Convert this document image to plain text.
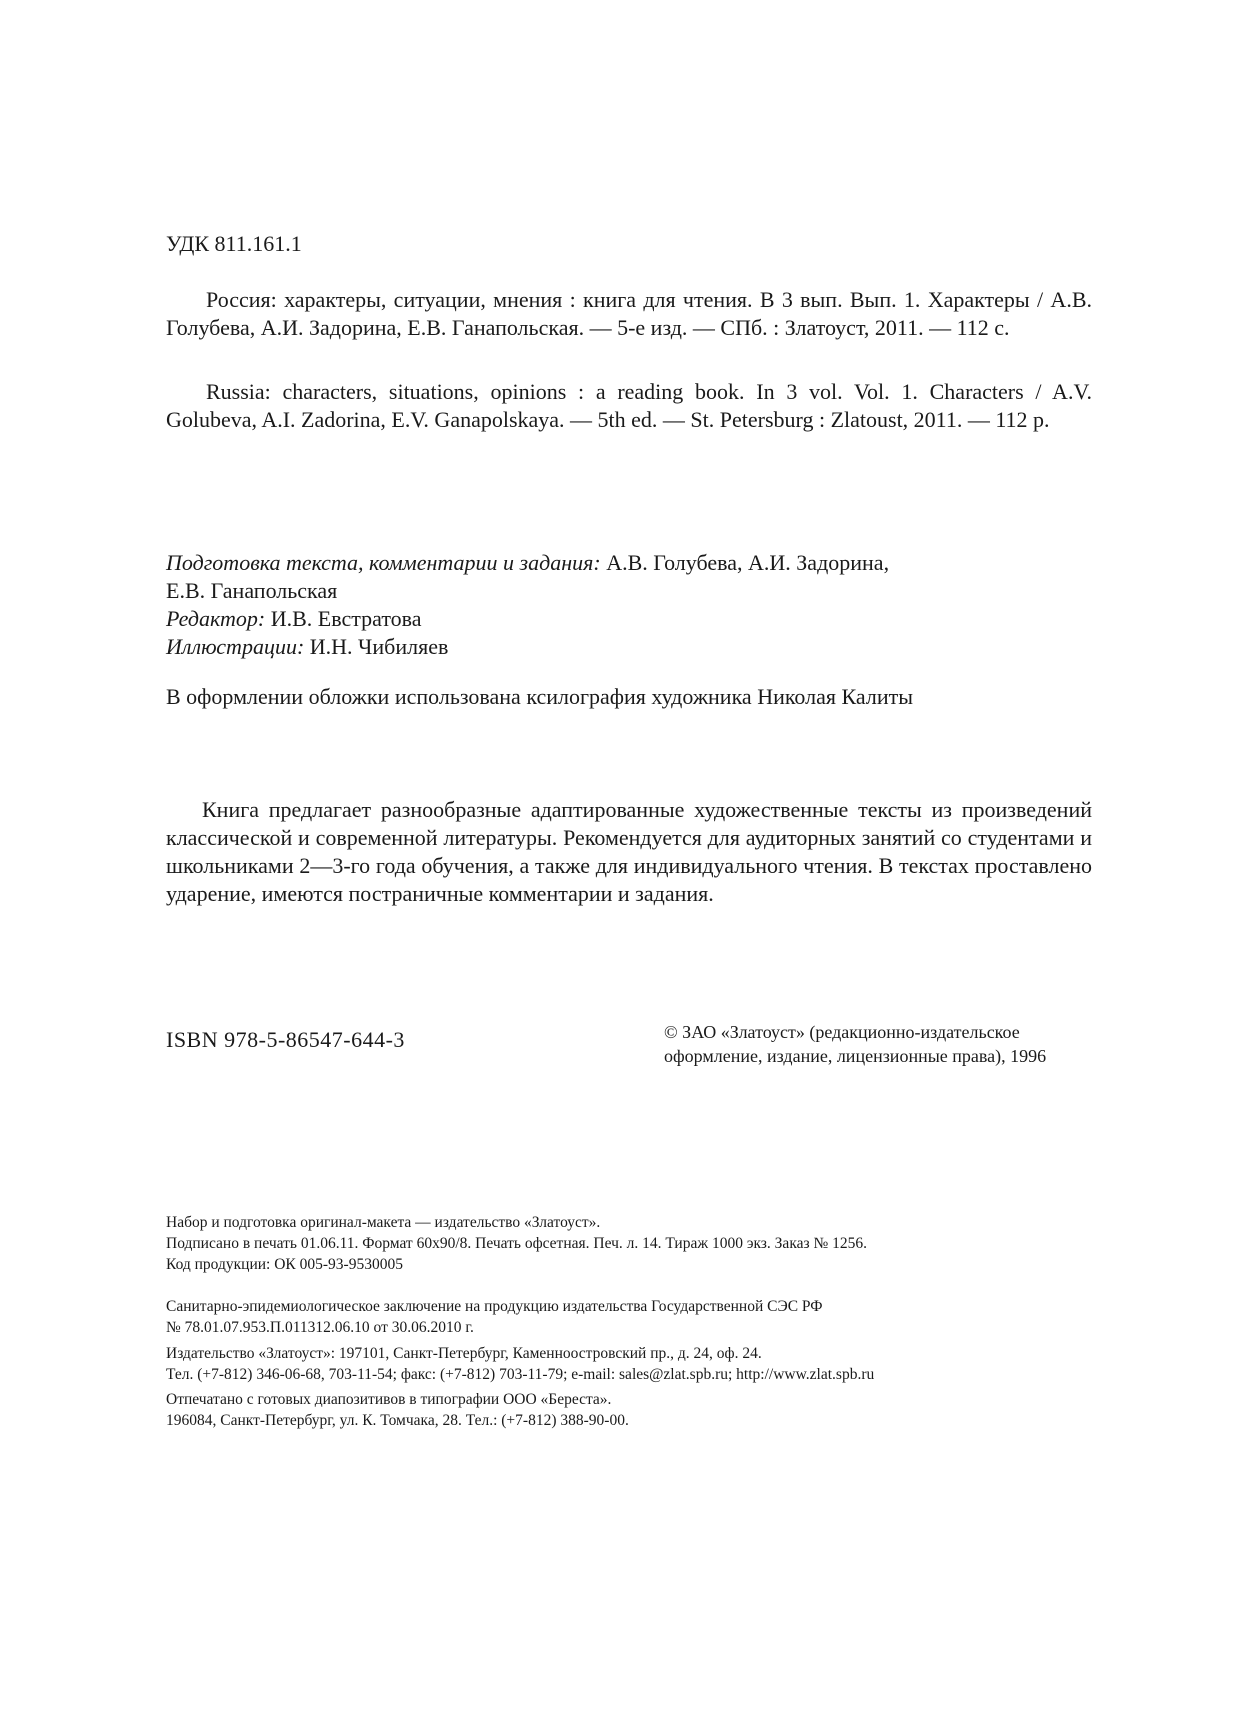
УДК 811.161.1

Россия: характеры, ситуации, мнения : книга для чтения. В 3 вып. Вып. 1. Характеры / А.В. Голубева, А.И. Задорина, Е.В. Ганапольская. — 5-е изд. — СПб. : Златоуст, 2011. — 112 с.

Russia: characters, situations, opinions : a reading book. In 3 vol. Vol. 1. Characters / A.V. Golubeva, A.I. Zadorina, E.V. Ganapolskaya. — 5th ed. — St. Petersburg : Zlatoust, 2011. — 112 p.

Подготовка текста, комментарии и задания: А.В. Голубева, А.И. Задорина,
Е.В. Ганапольская
Редактор: И.В. Евстратова
Иллюстрации: И.Н. Чибиляев

В оформлении обложки использована ксилография художника Николая Калиты

Книга предлагает разнообразные адаптированные художественные тексты из произведений классической и современной литературы. Рекомендуется для аудиторных занятий со студентами и школьниками 2—3-го года обучения, а также для индивидуального чтения. В текстах проставлено ударение, имеются постраничные комментарии и задания.

ISBN 978-5-86547-644-3	© ЗАО «Златоуст» (редакционно-издательское
оформление, издание, лицензионные права), 1996
Набор и подготовка оригинал-макета — издательство «Златоуст».
Подписано в печать 01.06.11. Формат 60х90/8. Печать офсетная. Печ. л. 14. Тираж 1000 экз. Заказ № 1256.
Код продукции: ОК 005-93-9530005
Санитарно-эпидемиологическое заключение на продукцию издательства Государственной СЭС РФ
№ 78.01.07.953.П.011312.06.10 от 30.06.2010 г.
Издательство «Златоуст»: 197101, Санкт-Петербург, Каменноостровский пр., д. 24, оф. 24.
Тел. (+7-812) 346-06-68, 703-11-54; факс: (+7-812) 703-11-79; e-mail: sales@zlat.spb.ru; http://www.zlat.spb.ru
Отпечатано с готовых диапозитивов в типографии ООО «Береста».
196084, Санкт-Петербург, ул. К. Томчака, 28. Тел.: (+7-812) 388-90-00.
